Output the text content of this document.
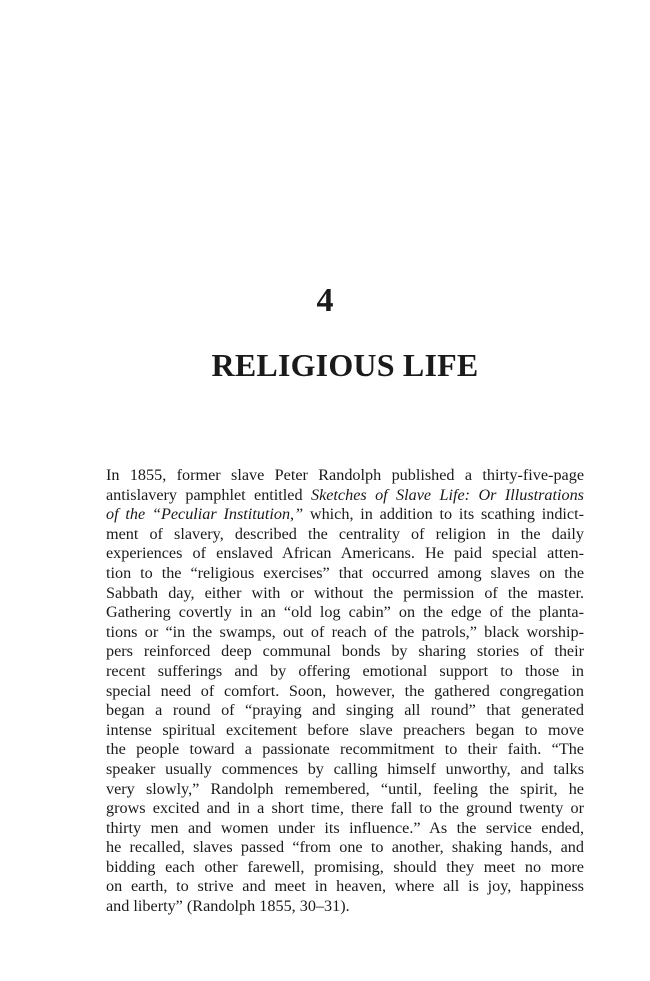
4
RELIGIOUS LIFE
In 1855, former slave Peter Randolph published a thirty-five-page
antislavery pamphlet entitled Sketches of Slave Life: Or Illustrations
of the “Peculiar Institution,” which, in addition to its scathing indict-
ment of slavery, described the centrality of religion in the daily
experiences of enslaved African Americans. He paid special atten-
tion to the “religious exercises” that occurred among slaves on the
Sabbath day, either with or without the permission of the master.
Gathering covertly in an “old log cabin” on the edge of the planta-
tions or “in the swamps, out of reach of the patrols,” black worship-
pers reinforced deep communal bonds by sharing stories of their
recent sufferings and by offering emotional support to those in
special need of comfort. Soon, however, the gathered congregation
began a round of “praying and singing all round” that generated
intense spiritual excitement before slave preachers began to move
the people toward a passionate recommitment to their faith. “The
speaker usually commences by calling himself unworthy, and talks
very slowly,” Randolph remembered, “until, feeling the spirit, he
grows excited and in a short time, there fall to the ground twenty or
thirty men and women under its influence.” As the service ended,
he recalled, slaves passed “from one to another, shaking hands, and
bidding each other farewell, promising, should they meet no more
on earth, to strive and meet in heaven, where all is joy, happiness
and liberty” (Randolph 1855, 30–31).
